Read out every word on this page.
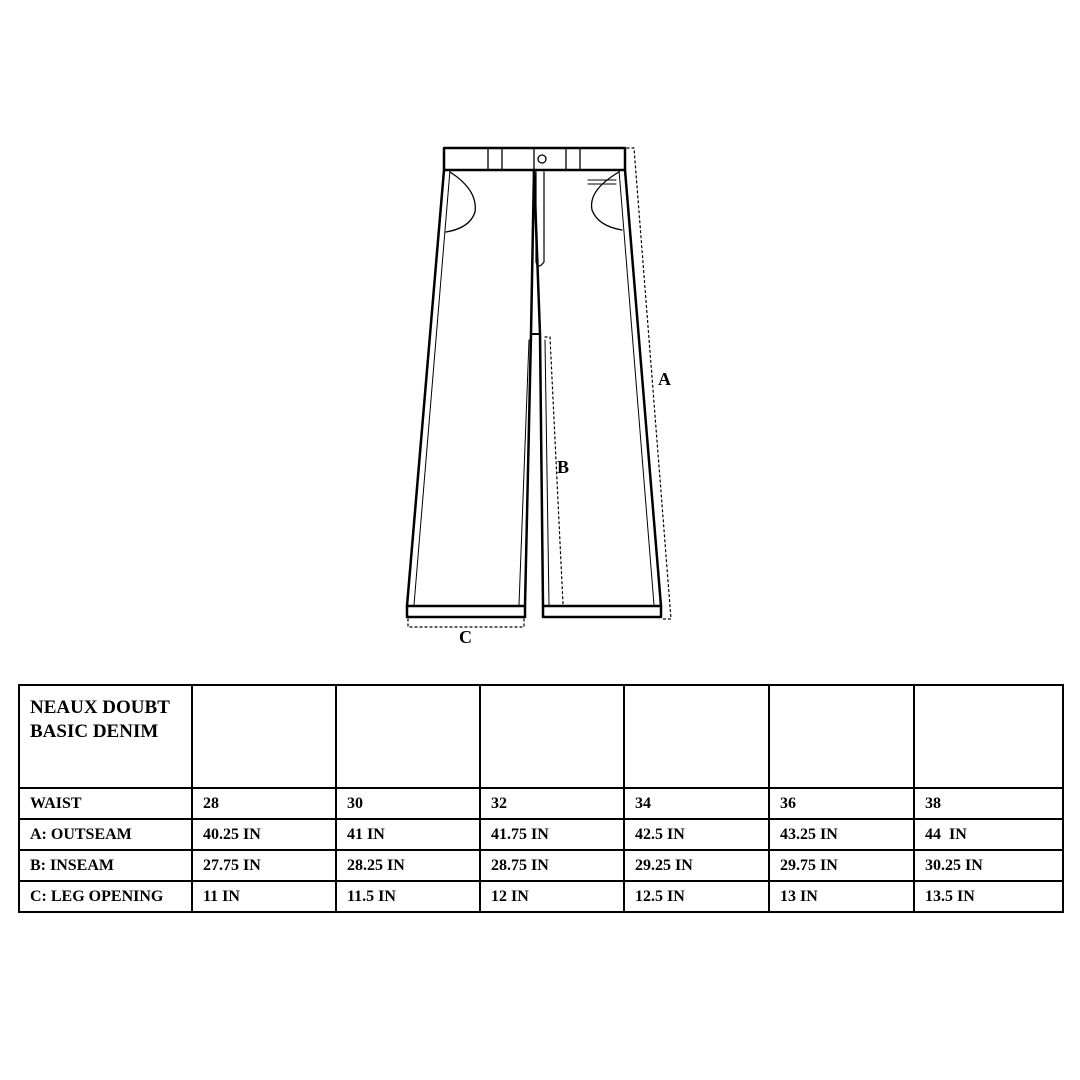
A
B
C
NEAUX DOUBT
BASIC DENIM						

WAIST	28	30	32	34	36	38
A: OUTSEAM	40.25 IN	41 IN	41.75 IN	42.5 IN	43.25 IN	44  IN
B: INSEAM	27.75 IN	28.25 IN	28.75 IN	29.25 IN	29.75 IN	30.25 IN
C: LEG OPENING	11 IN	11.5 IN	12 IN	12.5 IN	13 IN	13.5 IN
